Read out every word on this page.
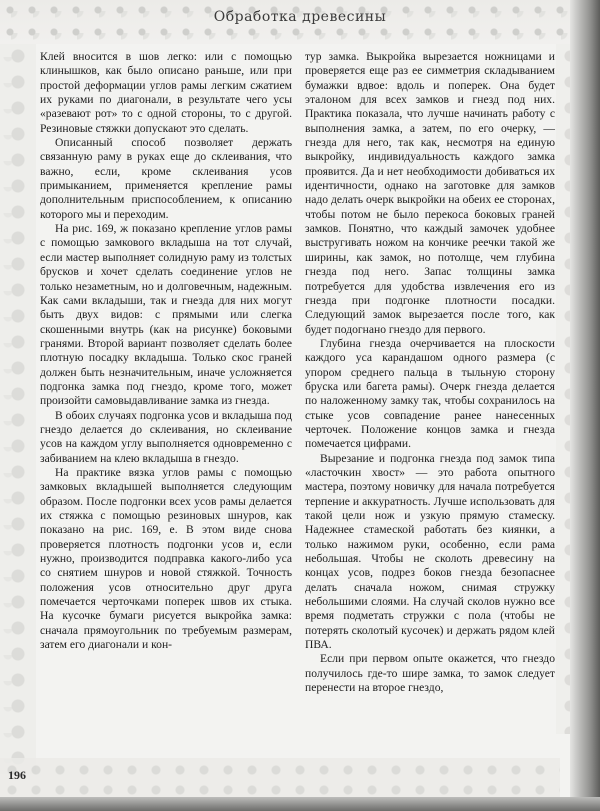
Обработка древесины

Клей вносится в шов легко: или с помощью клинышков, как было описано раньше, или при простой деформации углов рамы легким сжатием их руками по диагонали, в результате чего усы «разевают рот» то с одной стороны, то с другой. Резиновые стяжки допускают это сделать.

Описанный способ позволяет держать связанную раму в руках еще до склеивания, что важно, если, кроме склеивания усов примыканием, применяется крепление рамы дополнительным приспособлением, к описанию которого мы и переходим.

На рис. 169, ж показано крепление углов рамы с помощью замкового вкладыша на тот случай, если мастер выполняет солидную раму из толстых брусков и хочет сделать соединение углов не только незаметным, но и долговечным, надежным. Как сами вкладыши, так и гнезда для них могут быть двух видов: с прямыми или слегка скошенными внутрь (как на рисунке) боковыми гранями. Второй вариант позволяет сделать более плотную посадку вкладыша. Только скос граней должен быть незначительным, иначе усложняется подгонка замка под гнездо, кроме того, может произойти самовыдавливание замка из гнезда.

В обоих случаях подгонка усов и вкладыша под гнездо делается до склеивания, но склеивание усов на каждом углу выполняется одновременно с забиванием на клею вкладыша в гнездо.

На практике вязка углов рамы с помощью замковых вкладышей выполняется следующим образом. После подгонки всех усов рамы делается их стяжка с помощью резиновых шнуров, как показано на рис. 169, е. В этом виде снова проверяется плотность подгонки усов и, если нужно, производится подправка какого-либо уса со снятием шнуров и новой стяжкой. Точность положения усов относительно друг друга помечается черточками поперек швов их стыка. На кусочке бумаги рисуется выкройка замка: сначала прямоугольник по требуемым размерам, затем его диагонали и кон-

тур замка. Выкройка вырезается ножницами и проверяется еще раз ее симметрия складыванием бумажки вдвое: вдоль и поперек. Она будет эталоном для всех замков и гнезд под них. Практика показала, что лучше начинать работу с выполнения замка, а затем, по его очерку, — гнезда для него, так как, несмотря на единую выкройку, индивидуальность каждого замка проявится. Да и нет необходимости добиваться их идентичности, однако на заготовке для замков надо делать очерк выкройки на обеих ее сторонах, чтобы потом не было перекоса боковых граней замков. Понятно, что каждый замочек удобнее выстругивать ножом на кончике реечки такой же ширины, как замок, но потолще, чем глубина гнезда под него. Запас толщины замка потребуется для удобства извлечения его из гнезда при подгонке плотности посадки. Следующий замок вырезается после того, как будет подогнано гнездо для первого.

Глубина гнезда очерчивается на плоскости каждого уса карандашом одного размера (с упором среднего пальца в тыльную сторону бруска или багета рамы). Очерк гнезда делается по наложенному замку так, чтобы сохранилось на стыке усов совпадение ранее нанесенных черточек. Положение концов замка и гнезда помечается цифрами.

Вырезание и подгонка гнезда под замок типа «ласточкин хвост» — это работа опытного мастера, поэтому новичку для начала потребуется терпение и аккуратность. Лучше использовать для такой цели нож и узкую прямую стамеску. Надежнее стамеской работать без киянки, а только нажимом руки, особенно, если рама небольшая. Чтобы не сколоть древесину на концах усов, подрез боков гнезда безопаснее делать сначала ножом, снимая стружку небольшими слоями. На случай сколов нужно все время подметать стружки с пола (чтобы не потерять сколотый кусочек) и держать рядом клей ПВА.

Если при первом опыте окажется, что гнездо получилось где-то шире замка, то замок следует перенести на второе гнездо,

196
